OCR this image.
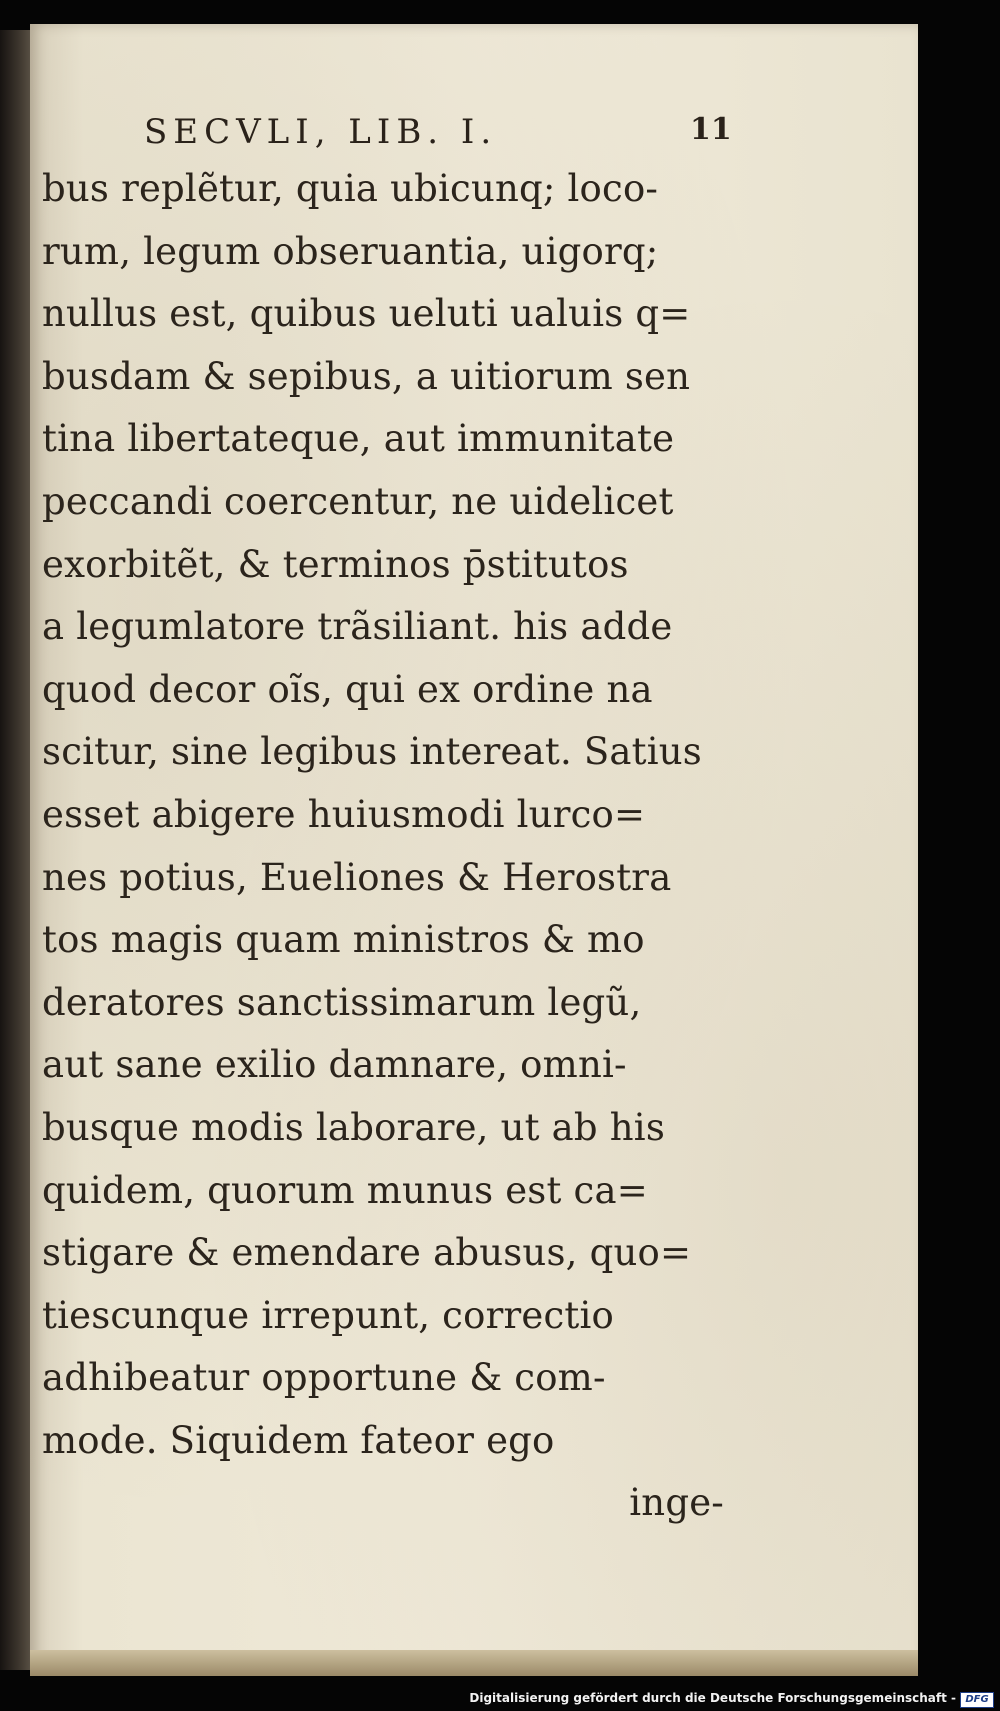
SECVLI, LIB. I.	11
bus replẽtur, quia ubicunq; loco-
rum, legum obseruantia, uigorq;
nullus est, quibus ueluti ualuis q=
busdam & sepibus, a uitiorum sen
tina libertateque, aut immunitate
peccandi coercentur, ne uidelicet
exorbitẽt, & terminos p̄stitutos
a legumlatore trãsiliant. his adde
quod decor oĩs, qui ex ordine na
scitur, sine legibus intereat. Satius
esset abigere huiusmodi lurco=
nes potius, Eueliones & Herostra
tos magis quam ministros & mo
deratores sanctissimarum legũ,
aut sane exilio damnare, omni-
busque modis laborare, ut ab his
quidem, quorum munus est ca=
stigare & emendare abusus, quo=
tiescunque irrepunt, correctio
adhibeatur opportune & com-
mode. Siquidem fateor ego
inge-
Digitalisierung gefördert durch die Deutsche Forschungsgemeinschaft - DFG
